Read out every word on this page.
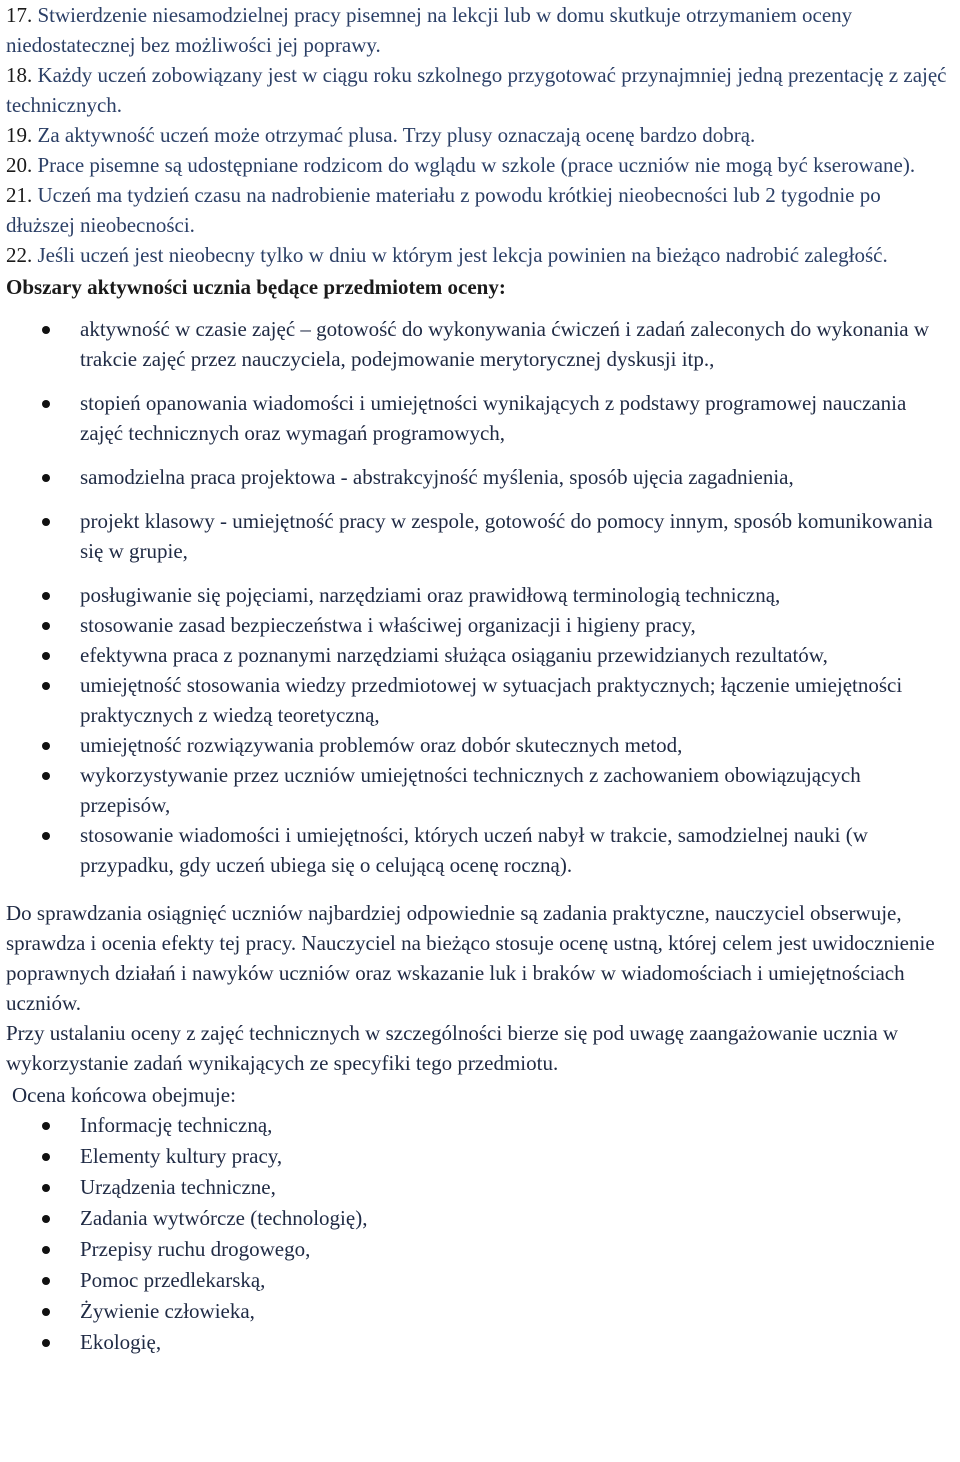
17. Stwierdzenie niesamodzielnej pracy pisemnej na lekcji lub w domu skutkuje otrzymaniem oceny niedostatecznej bez możliwości jej poprawy.

18. Każdy uczeń zobowiązany jest w ciągu roku szkolnego przygotować przynajmniej jedną prezentację z zajęć technicznych.

19. Za aktywność uczeń może otrzymać plusa. Trzy plusy oznaczają ocenę bardzo dobrą.

20. Prace pisemne są udostępniane rodzicom do wglądu w szkole (prace uczniów nie mogą być kserowane).

21. Uczeń ma tydzień czasu na nadrobienie materiału z powodu krótkiej nieobecności lub 2 tygodnie po dłuższej nieobecności.

22. Jeśli uczeń jest nieobecny tylko w dniu w którym jest lekcja powinien na bieżąco nadrobić zaległość.

Obszary aktywności ucznia będące przedmiotem oceny:

aktywność w czasie zajęć – gotowość do wykonywania ćwiczeń i zadań zaleconych do wykonania w trakcie zajęć przez nauczyciela, podejmowanie merytorycznej dyskusji itp.,
stopień opanowania wiadomości i umiejętności wynikających z podstawy programowej nauczania zajęć technicznych oraz wymagań programowych,
samodzielna praca projektowa - abstrakcyjność myślenia, sposób ujęcia zagadnienia,
projekt klasowy - umiejętność pracy w zespole, gotowość do pomocy innym, sposób komunikowania się w grupie,
posługiwanie się pojęciami, narzędziami oraz prawidłową terminologią techniczną,
stosowanie zasad bezpieczeństwa i właściwej organizacji i higieny pracy,
efektywna praca z poznanymi narzędziami służąca osiąganiu przewidzianych rezultatów,
umiejętność stosowania wiedzy przedmiotowej w sytuacjach praktycznych; łączenie umiejętności praktycznych z wiedzą teoretyczną,
umiejętność rozwiązywania problemów oraz dobór skutecznych metod,
wykorzystywanie przez uczniów umiejętności technicznych z zachowaniem obowiązujących przepisów,
stosowanie wiadomości i umiejętności, których uczeń nabył w trakcie, samodzielnej nauki (w przypadku, gdy uczeń ubiega się o celującą ocenę roczną).

Do sprawdzania osiągnięć uczniów najbardziej odpowiednie są zadania praktyczne, nauczyciel obserwuje, sprawdza i ocenia efekty tej pracy. Nauczyciel na bieżąco stosuje ocenę ustną, której celem jest uwidocznienie poprawnych działań i nawyków uczniów oraz wskazanie luk i braków w wiadomościach i umiejętnościach uczniów.

Przy ustalaniu oceny z zajęć technicznych w szczególności bierze się pod uwagę zaangażowanie ucznia w wykorzystanie zadań wynikających ze specyfiki tego przedmiotu.

Ocena końcowa obejmuje:

Informację techniczną,
Elementy kultury pracy,
Urządzenia techniczne,
Zadania wytwórcze (technologię),
Przepisy ruchu drogowego,
Pomoc przedlekarską,
Żywienie człowieka,
Ekologię,
